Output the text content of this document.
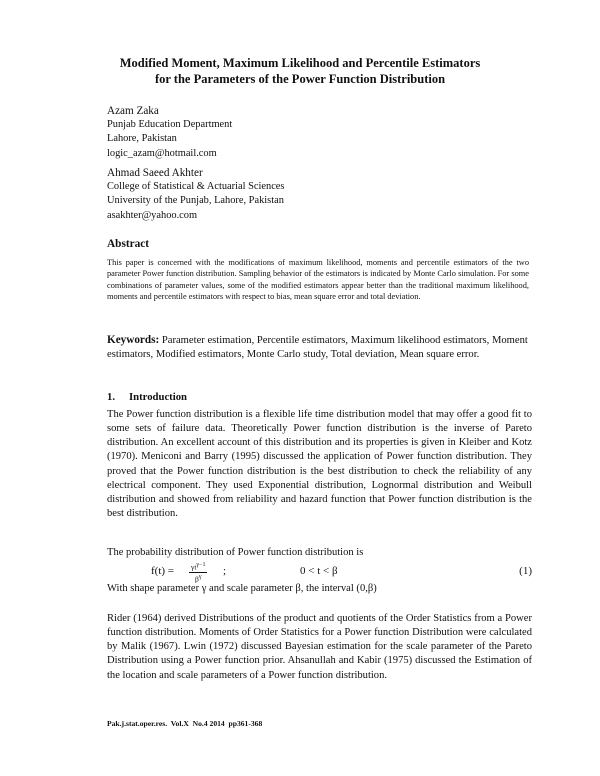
Modified Moment, Maximum Likelihood and Percentile Estimators
for the Parameters of the Power Function Distribution
Azam Zaka
Punjab Education Department
Lahore, Pakistan
logic_azam@hotmail.com
Ahmad Saeed Akhter
College of Statistical & Actuarial Sciences
University of the Punjab, Lahore, Pakistan
asakhter@yahoo.com
Abstract
This paper is concerned with the modifications of maximum likelihood, moments and percentile estimators of the two parameter Power function distribution. Sampling behavior of the estimators is indicated by Monte Carlo simulation. For some combinations of parameter values, some of the modified estimators appear better than the traditional maximum likelihood, moments and percentile estimators with respect to bias, mean square error and total deviation.
Keywords: Parameter estimation, Percentile estimators, Maximum likelihood estimators, Moment estimators, Modified estimators, Monte Carlo study, Total deviation, Mean square error.
1. Introduction
The Power function distribution is a flexible life time distribution model that may offer a good fit to some sets of failure data. Theoretically Power function distribution is the inverse of Pareto distribution. An excellent account of this distribution and its properties is given in Kleiber and Kotz (1970). Meniconi and Barry (1995) discussed the application of Power function distribution. They proved that the Power function distribution is the best distribution to check the reliability of any electrical component. They used Exponential distribution, Lognormal distribution and Weibull distribution and showed from reliability and hazard function that Power function distribution is the best distribution.
The probability distribution of Power function distribution is
$f(t) = \gamma t^{\gamma-1}$
$\beta^\gamma$	;	0 < t < β	(1)
With shape parameter γ and scale parameter β, the interval (0,β)
Rider (1964) derived Distributions of the product and quotients of the Order Statistics from a Power function distribution. Moments of Order Statistics for a Power function Distribution were calculated by Malik (1967). Lwin (1972) discussed Bayesian estimation for the scale parameter of the Pareto Distribution using a Power function prior. Ahsanullah and Kabir (1975) discussed the Estimation of the location and scale parameters of a Power function distribution.
Pak.j.stat.oper.res.  Vol.X  No.4 2014  pp361-368
